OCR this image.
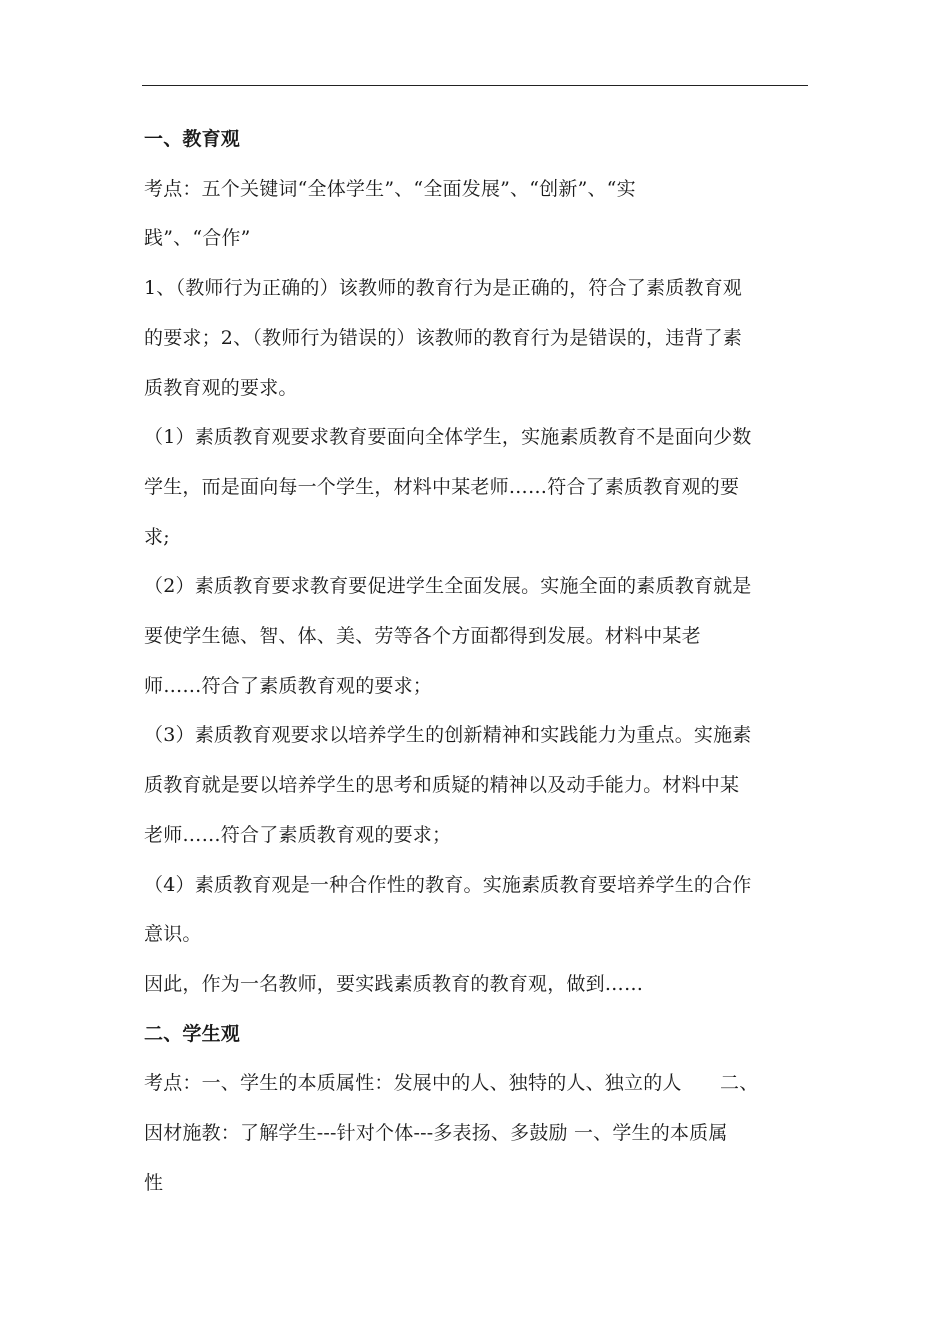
一、教育观

考点：五个关键词“全体学生”、“全面发展”、“创新”、“实

践”、“合作”

1、（教师行为正确的）该教师的教育行为是正确的，符合了素质教育观

的要求；2、（教师行为错误的）该教师的教育行为是错误的，违背了素

质教育观的要求。

（1）素质教育观要求教育要面向全体学生，实施素质教育不是面向少数

学生，而是面向每一个学生，材料中某老师……符合了素质教育观的要

求;

（2）素质教育要求教育要促进学生全面发展。实施全面的素质教育就是

要使学生德、智、体、美、劳等各个方面都得到发展。材料中某老

师……符合了素质教育观的要求；

（3）素质教育观要求以培养学生的创新精神和实践能力为重点。实施素

质教育就是要以培养学生的思考和质疑的精神以及动手能力。材料中某

老师……符合了素质教育观的要求；

（4）素质教育观是一种合作性的教育。实施素质教育要培养学生的合作

意识。

因此，作为一名教师，要实践素质教育的教育观，做到……

二、学生观

考点：一、学生的本质属性：发展中的人、独特的人、独立的人　　二、

因材施教：了解学生---针对个体---多表扬、多鼓励 一、学生的本质属

性
